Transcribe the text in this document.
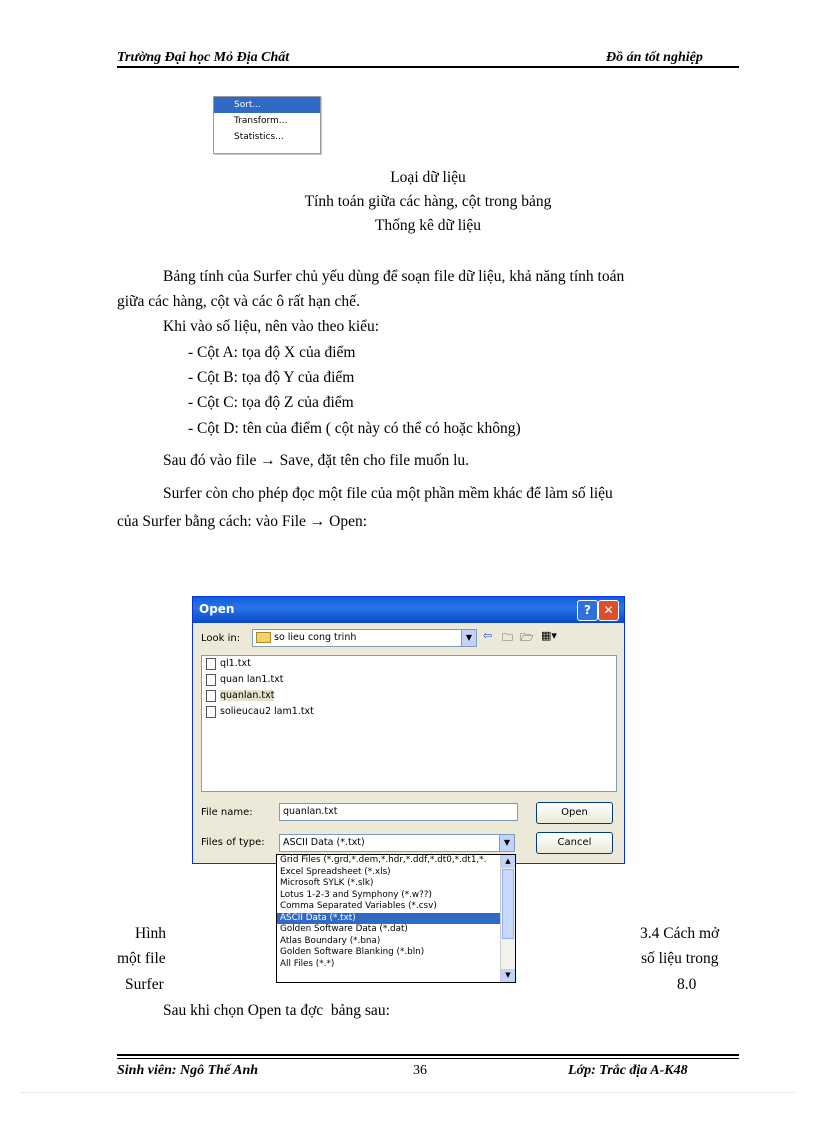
Trường Đại học Mỏ Địa Chất	Đồ án tốt nghiệp
Sort...
Transform...
Statistics...
Loại dữ liệu
Tính toán giữa các hàng, cột trong bảng
Thống kê dữ liệu
Bảng tính của Surfer chủ yếu dùng để soạn file dữ liệu, khả năng tính toán
giữa các hàng, cột và các ô rất hạn chế.
Khi vào số liệu, nên vào theo kiểu:
- Cột A: tọa độ X của điểm
- Cột B: tọa độ Y của điểm
- Cột C: tọa độ Z của điểm
- Cột D: tên của điểm ( cột này có thể có hoặc không)
Sau đó vào file → Save, đặt tên cho file muốn lu.
Surfer còn cho phép đọc một file của một phần mềm khác để làm số liệu
của Surfer bằng cách: vào File → Open:
Open	?	✕
Look in:	so lieu cong trinh	▼ ⇦ 🗀 🗁 ▦▾
ql1.txt
quan lan1.txt
quanlan.txt
solieucau2 lam1.txt
File name:	quanlan.txt	Open
Files of type:	ASCII Data (*.txt)	▼	Cancel
Grid Files (*.grd,*.dem,*.hdr,*.ddf,*.dt0,*.dt1,*.
Excel Spreadsheet (*.xls)
Microsoft SYLK (*.slk)
Lotus 1-2-3 and Symphony (*.w??)
Comma Separated Variables (*.csv)
ASCII Data (*.txt)
Golden Software Data (*.dat)
Atlas Boundary (*.bna)
Golden Software Blanking (*.bln)
All Files (*.*)
▲
▼
Hình
một file
Surfer
3.4 Cách mở
số liệu trong
8.0
Sau khi chọn Open ta đợc  bảng sau:
Sinh viên: Ngô Thế Anh	36	Lớp: Trắc địa A-K48
